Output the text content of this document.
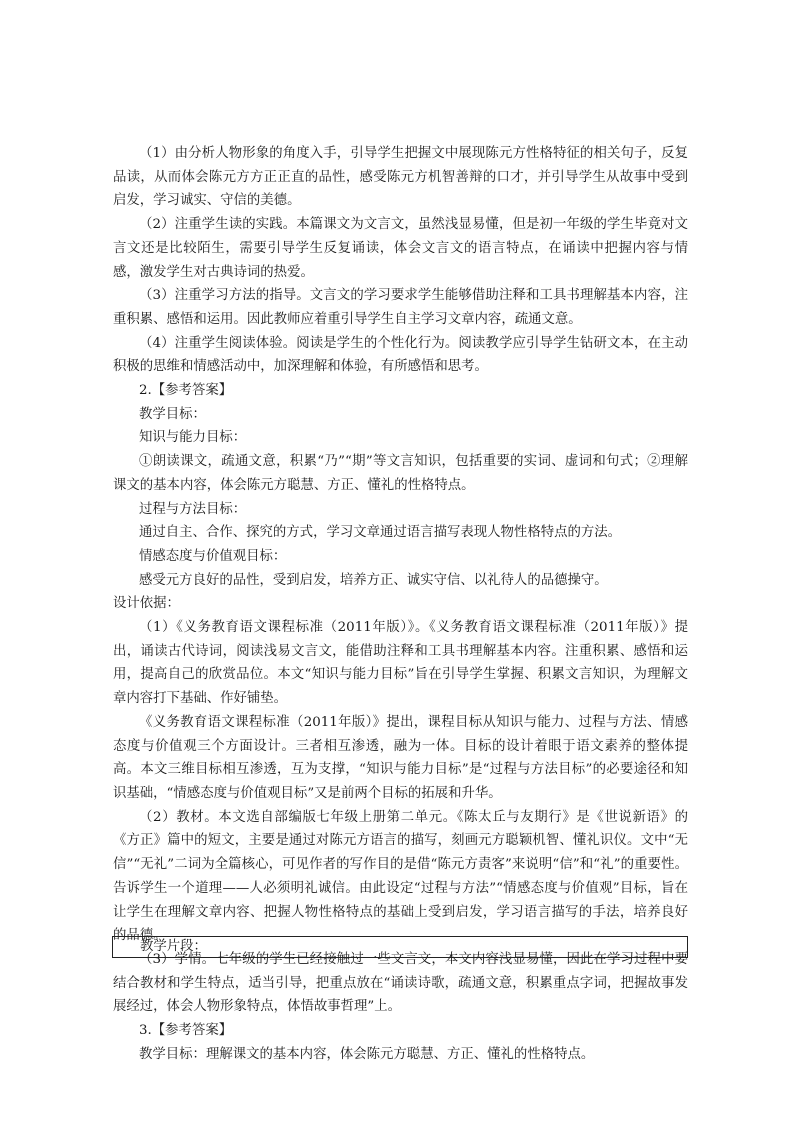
（1）由分析人物形象的角度入手，引导学生把握文中展现陈元方性格特征的相关句子，反复品读，从而体会陈元方方正正直的品性，感受陈元方机智善辩的口才，并引导学生从故事中受到启发，学习诚实、守信的美德。

（2）注重学生读的实践。本篇课文为文言文，虽然浅显易懂，但是初一年级的学生毕竟对文言文还是比较陌生，需要引导学生反复诵读，体会文言文的语言特点，在诵读中把握内容与情感，激发学生对古典诗词的热爱。

（3）注重学习方法的指导。文言文的学习要求学生能够借助注释和工具书理解基本内容，注重积累、感悟和运用。因此教师应着重引导学生自主学习文章内容，疏通文意。

（4）注重学生阅读体验。阅读是学生的个性化行为。阅读教学应引导学生钻研文本，在主动积极的思维和情感活动中，加深理解和体验，有所感悟和思考。

2.【参考答案】

教学目标：

知识与能力目标：

①朗读课文，疏通文意，积累“乃”“期”等文言知识，包括重要的实词、虚词和句式；②理解课文的基本内容，体会陈元方聪慧、方正、懂礼的性格特点。

过程与方法目标：

通过自主、合作、探究的方式，学习文章通过语言描写表现人物性格特点的方法。

情感态度与价值观目标：

感受元方良好的品性，受到启发，培养方正、诚实守信、以礼待人的品德操守。

设计依据：

（1）《义务教育语文课程标准（2011年版）》。《义务教育语文课程标准（2011年版）》提出，诵读古代诗词，阅读浅易文言文，能借助注释和工具书理解基本内容。注重积累、感悟和运用，提高自己的欣赏品位。本文“知识与能力目标”旨在引导学生掌握、积累文言知识，为理解文章内容打下基础、作好铺垫。

《义务教育语文课程标准（2011年版）》提出，课程目标从知识与能力、过程与方法、情感态度与价值观三个方面设计。三者相互渗透，融为一体。目标的设计着眼于语文素养的整体提高。本文三维目标相互渗透，互为支撑，“知识与能力目标”是“过程与方法目标”的必要途径和知识基础，“情感态度与价值观目标”又是前两个目标的拓展和升华。

（2）教材。本文选自部编版七年级上册第二单元。《陈太丘与友期行》是《世说新语》的《方正》篇中的短文，主要是通过对陈元方语言的描写，刻画元方聪颖机智、懂礼识仪。文中“无信”“无礼”二词为全篇核心，可见作者的写作目的是借“陈元方责客”来说明“信”和“礼”的重要性。告诉学生一个道理——人必须明礼诚信。由此设定“过程与方法”“情感态度与价值观”目标，旨在让学生在理解文章内容、把握人物性格特点的基础上受到启发，学习语言描写的手法，培养良好的品德。

（3）学情。七年级的学生已经接触过一些文言文，本文内容浅显易懂，因此在学习过程中要结合教材和学生特点，适当引导，把重点放在“诵读诗歌，疏通文意，积累重点字词，把握故事发展经过，体会人物形象特点，体悟故事哲理”上。

3.【参考答案】

教学目标：理解课文的基本内容，体会陈元方聪慧、方正、懂礼的性格特点。

教学片段：
